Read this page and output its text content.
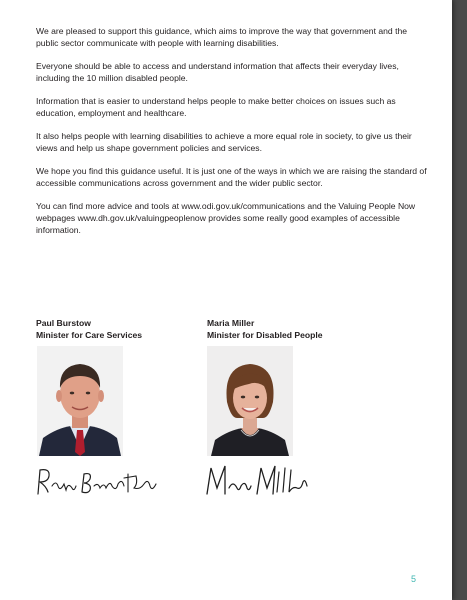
We are pleased to support this guidance, which aims to improve the way that government and the public sector communicate with people with learning disabilities.

Everyone should be able to access and understand information that affects their everyday lives, including the 10 million disabled people.

Information that is easier to understand helps people to make better choices on issues such as education, employment and healthcare.

It also helps people with learning disabilities to achieve a more equal role in society, to give us their views and help us shape government policies and services.

We hope you find this guidance useful. It is just one of the ways in which we are raising the standard of accessible communications across government and the wider public sector.

You can find more advice and tools at www.odi.gov.uk/communications and the Valuing People Now webpages www.dh.gov.uk/valuingpeoplenow provides some really good examples of accessible information.

Paul Burstow
Minister for Care Services
Maria Miller
Minister for Disabled People
5
